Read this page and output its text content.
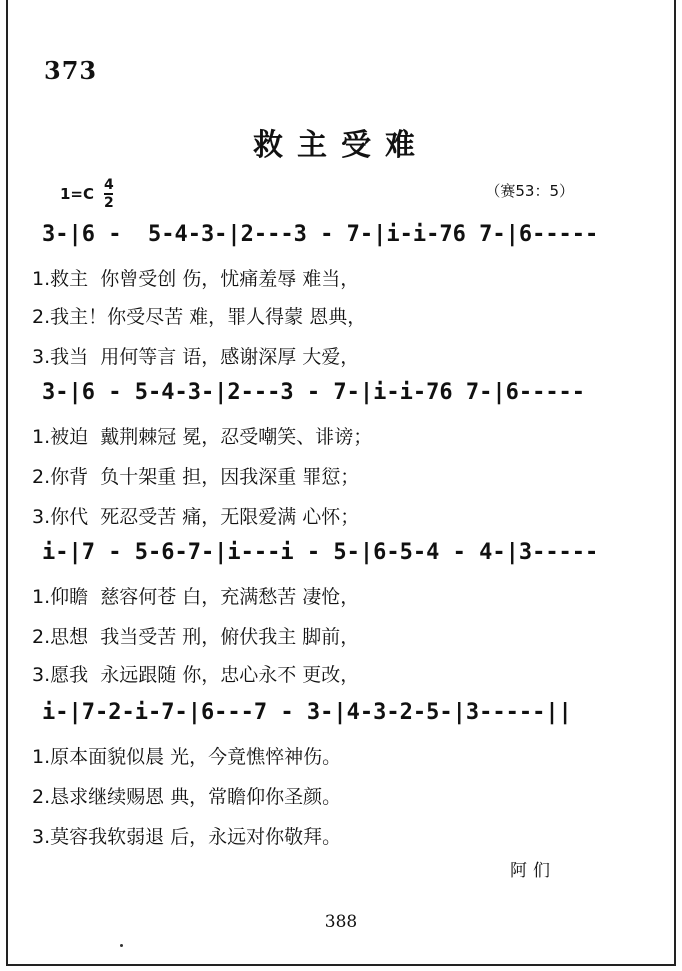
373
救主受难
1=C 4
2
（赛53：5）
3-|6 -  5-4-3-|2---3 - 7-|i-i-76 7-|6-----
1.救主  你曾受创 伤，忧痛羞辱 难当，
2.我主！你受尽苦 难，罪人得蒙 恩典，
3.我当  用何等言 语，感谢深厚 大爱，
3-|6 - 5-4-3-|2---3 - 7-|i-i-76 7-|6-----
1.被迫  戴荆棘冠 冕，忍受嘲笑、诽谤；
2.你背  负十架重 担，因我深重 罪愆；
3.你代  死忍受苦 痛，无限爱满 心怀；
i-|7 - 5-6-7-|i---i - 5-|6-5-4 - 4-|3-----
1.仰瞻  慈容何苍 白，充满愁苦 凄怆，
2.思想  我当受苦 刑，俯伏我主 脚前，
3.愿我  永远跟随 你，忠心永不 更改，
i-|7-2-i-7-|6---7 - 3-|4-3-2-5-|3-----||
1.原本面貌似晨 光，今竟憔悴神伤。
2.恳求继续赐恩 典，常瞻仰你圣颜。
3.莫容我软弱退 后，永远对你敬拜。
阿们
388
